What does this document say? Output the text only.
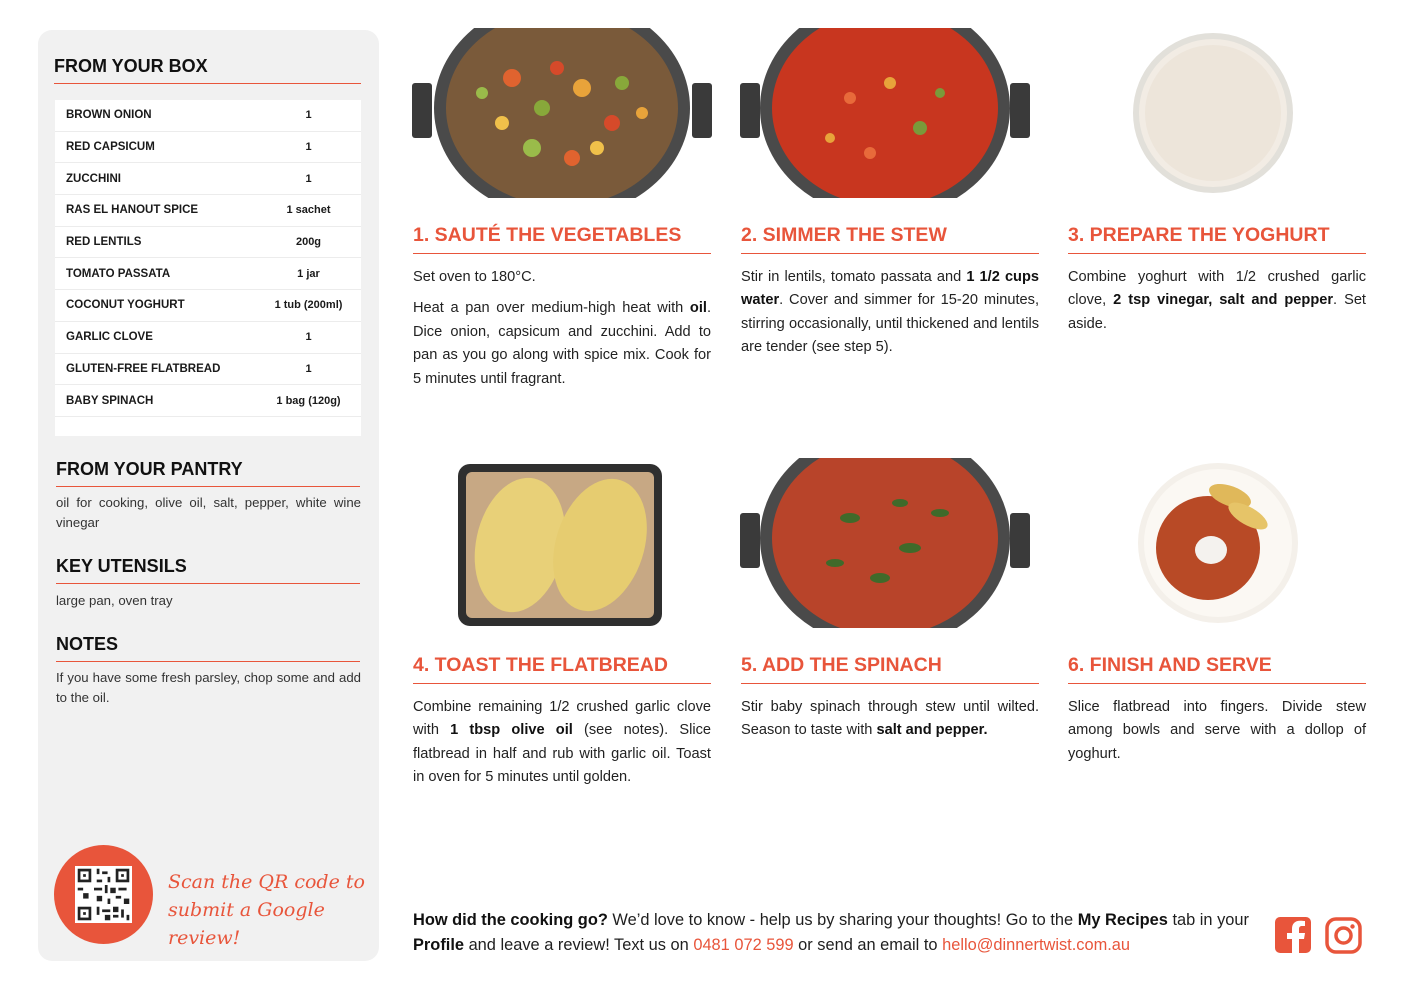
FROM YOUR BOX
BROWN ONION	1
RED CAPSICUM	1
ZUCCHINI	1
RAS EL HANOUT SPICE	1 sachet
RED LENTILS	200g
TOMATO PASSATA	1 jar
COCONUT YOGHURT	1 tub (200ml)
GARLIC CLOVE	1
GLUTEN-FREE FLATBREAD	1
BABY SPINACH	1 bag (120g)
FROM YOUR PANTRY
oil for cooking, olive oil, salt, pepper, white wine vinegar
KEY UTENSILS
large pan, oven tray
NOTES
If you have some fresh parsley, chop some and add to the oil.
Scan the QR code to
submit a Google review!
1. SAUTÉ THE VEGETABLES

Set oven to 180°C.

Heat a pan over medium-high heat with oil. Dice onion, capsicum and zucchini. Add to pan as you go along with spice mix. Cook for 5 minutes until fragrant.

2. SIMMER THE STEW

Stir in lentils, tomato passata and 1 1/2 cups water. Cover and simmer for 15-20 minutes, stirring occasionally, until thickened and lentils are tender (see step 5).

3. PREPARE THE YOGHURT

Combine yoghurt with 1/2 crushed garlic clove, 2 tsp vinegar, salt and pepper. Set aside.

4. TOAST THE FLATBREAD

Combine remaining 1/2 crushed garlic clove with 1 tbsp olive oil (see notes). Slice flatbread in half and rub with garlic oil. Toast in oven for 5 minutes until golden.

5. ADD THE SPINACH

Stir baby spinach through stew until wilted. Season to taste with salt and pepper.

6. FINISH AND SERVE

Slice flatbread into fingers. Divide stew among bowls and serve with a dollop of yoghurt.

How did the cooking go? We’d love to know - help us by sharing your thoughts! Go to the My Recipes tab in your Profile and leave a review! Text us on 0481 072 599 or send an email to hello@dinnertwist.com.au
